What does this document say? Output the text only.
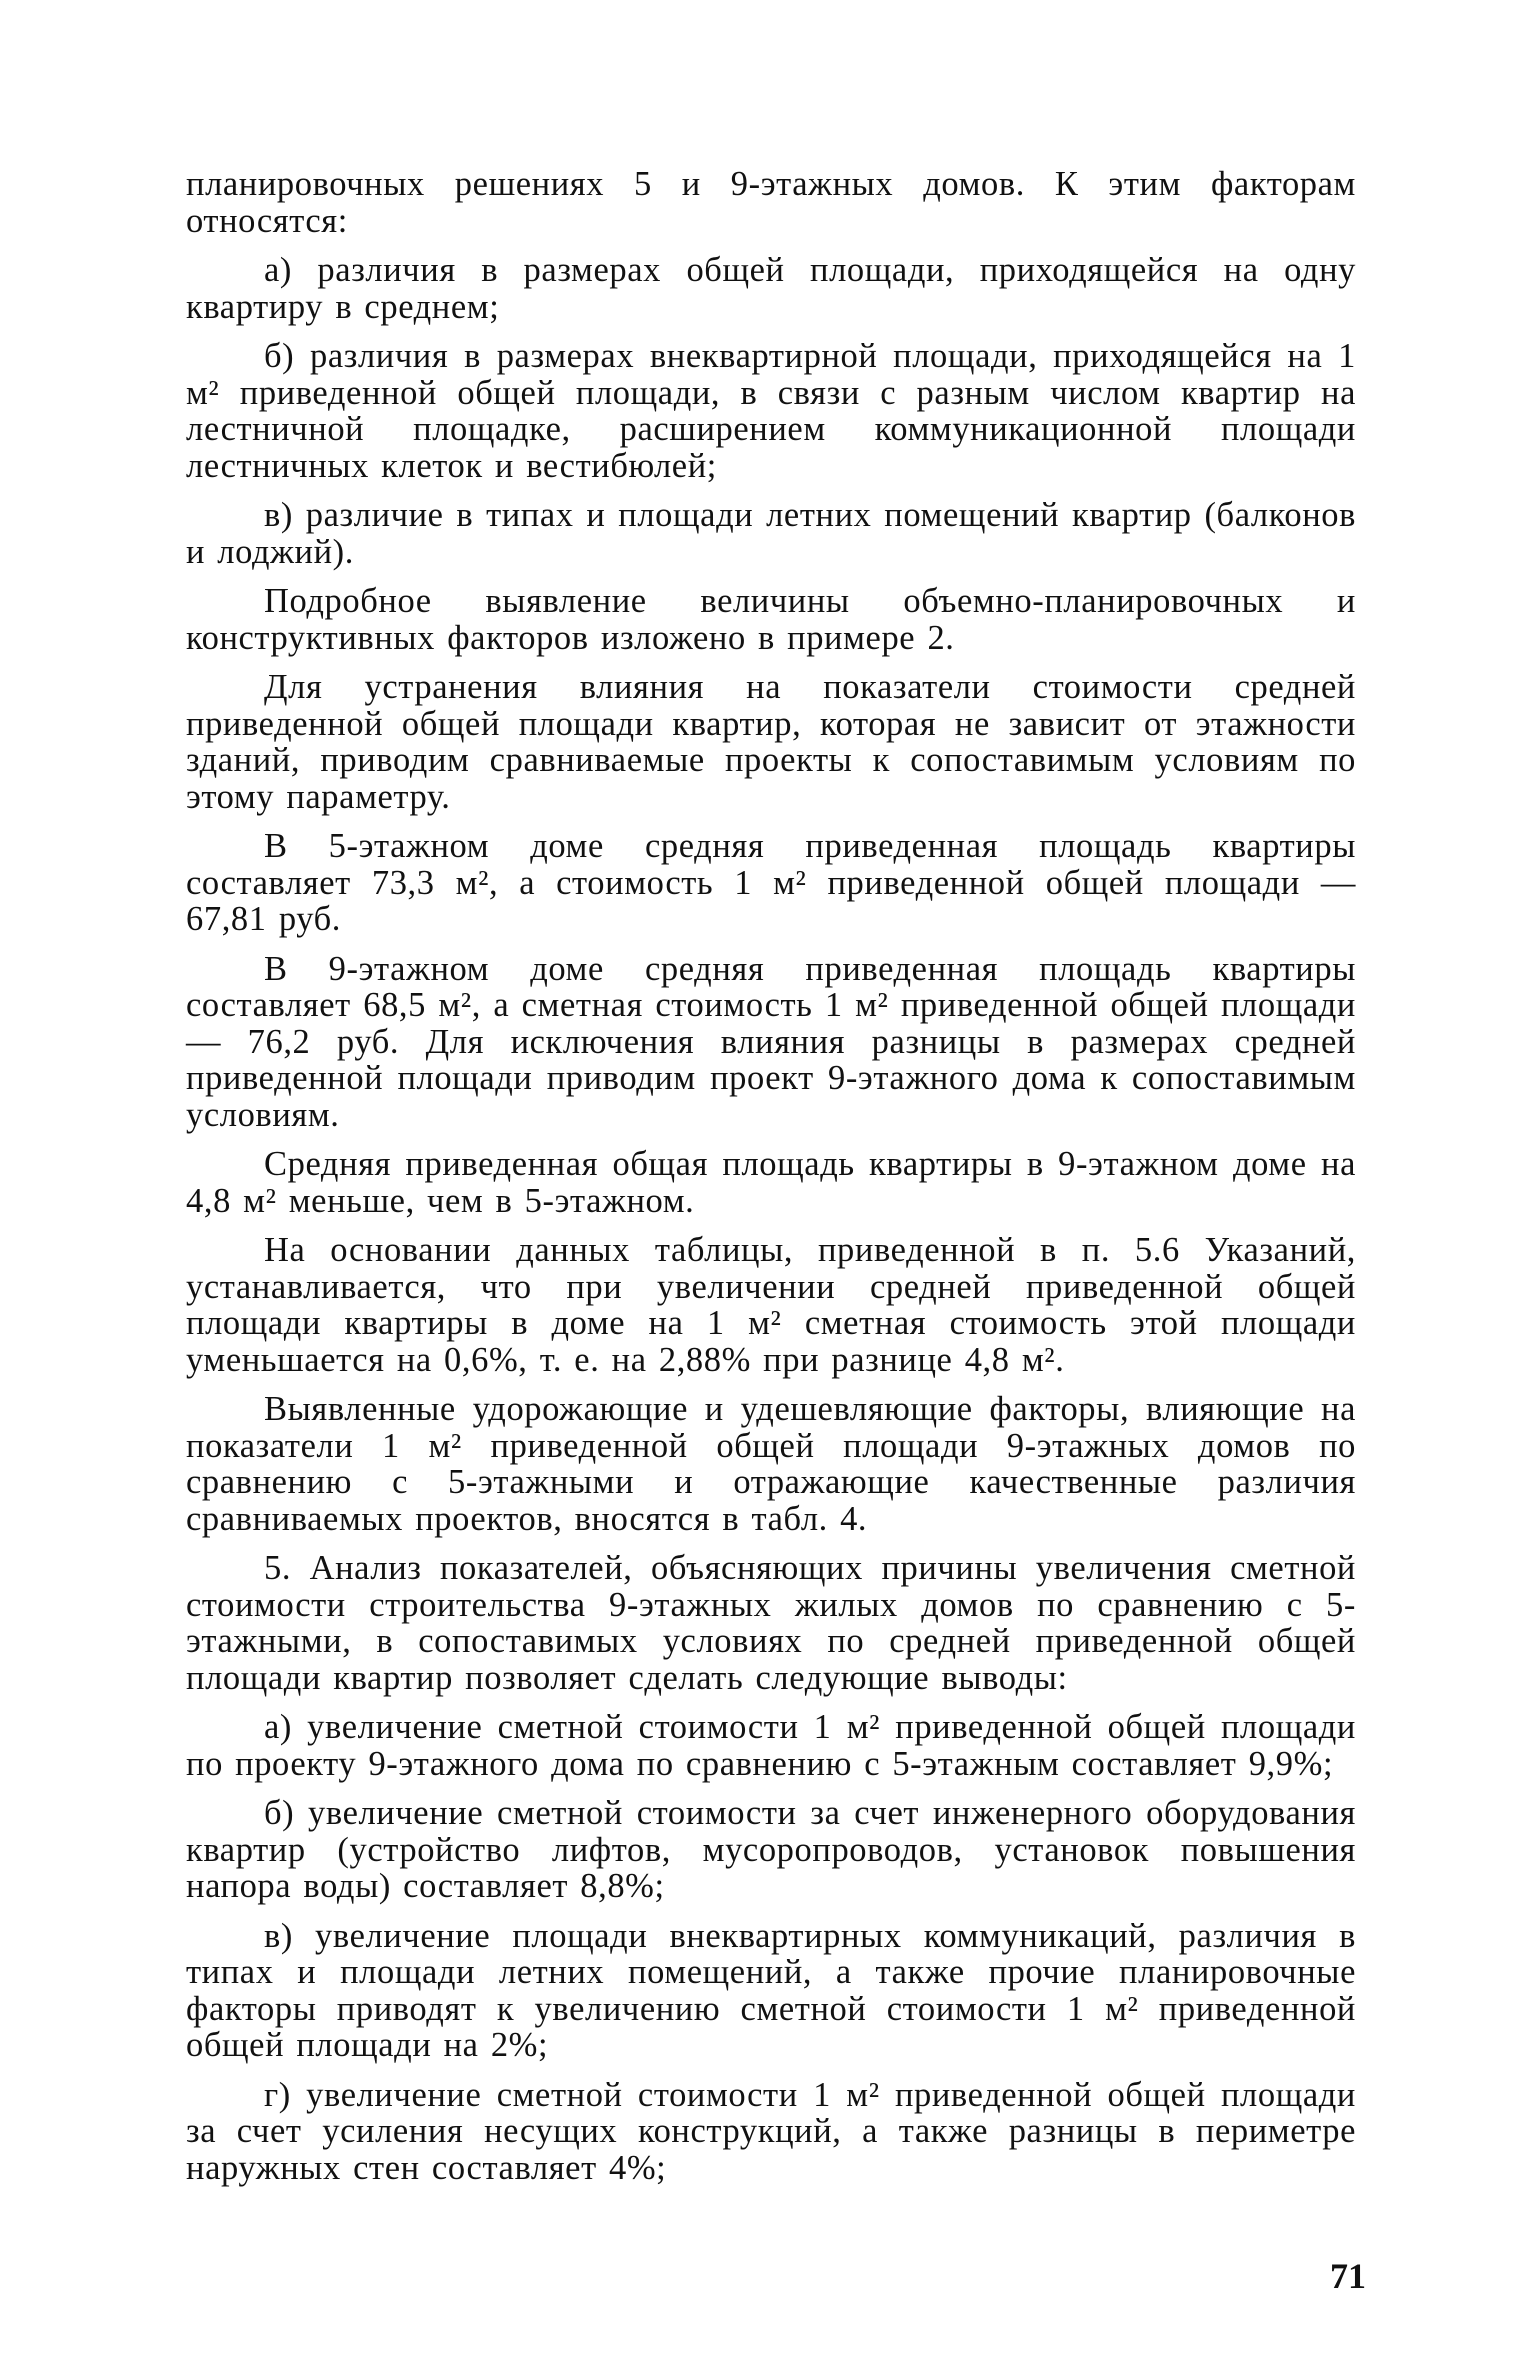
планировочных решениях 5 и 9-этажных домов. К этим факторам относятся:

а) различия в размерах общей площади, приходящейся на одну квартиру в среднем;

б) различия в размерах внеквартирной площади, приходящейся на 1 м² приведенной общей площади, в связи с разным числом квартир на лестничной площадке, расширением коммуникационной площади лестничных клеток и вестибюлей;

в) различие в типах и площади летних помещений квартир (балконов и лоджий).

Подробное выявление величины объемно-планировочных и конструктивных факторов изложено в примере 2.

Для устранения влияния на показатели стоимости средней приведенной общей площади квартир, которая не зависит от этажности зданий, приводим сравниваемые проекты к сопоставимым условиям по этому параметру.

В 5-этажном доме средняя приведенная площадь квартиры составляет 73,3 м², а стоимость 1 м² приведенной общей площади — 67,81 руб.

В 9-этажном доме средняя приведенная площадь квартиры составляет 68,5 м², а сметная стоимость 1 м² приведенной общей площади — 76,2 руб. Для исключения влияния разницы в размерах средней приведенной площади приводим проект 9-этажного дома к сопоставимым условиям.

Средняя приведенная общая площадь квартиры в 9-этажном доме на 4,8 м² меньше, чем в 5-этажном.

На основании данных таблицы, приведенной в п. 5.6 Указаний, устанавливается, что при увеличении средней приведенной общей площади квартиры в доме на 1 м² сметная стоимость этой площади уменьшается на 0,6%, т. е. на 2,88% при разнице 4,8 м².

Выявленные удорожающие и удешевляющие факторы, влияющие на показатели 1 м² приведенной общей площади 9-этажных домов по сравнению с 5-этажными и отражающие качественные различия сравниваемых проектов, вносятся в табл. 4.

5. Анализ показателей, объясняющих причины увеличения сметной стоимости строительства 9-этажных жилых домов по сравнению с 5-этажными, в сопоставимых условиях по средней приведенной общей площади квартир позволяет сделать следующие выводы:

а) увеличение сметной стоимости 1 м² приведенной общей площади по проекту 9-этажного дома по сравнению с 5-этажным составляет 9,9%;

б) увеличение сметной стоимости за счет инженерного оборудования квартир (устройство лифтов, мусоропроводов, установок повышения напора воды) составляет 8,8%;

в) увеличение площади внеквартирных коммуникаций, различия в типах и площади летних помещений, а также прочие планировочные факторы приводят к увеличению сметной стоимости 1 м² приведенной общей площади на 2%;

г) увеличение сметной стоимости 1 м² приведенной общей площади за счет усиления несущих конструкций, а также разницы в периметре наружных стен составляет 4%;

71
